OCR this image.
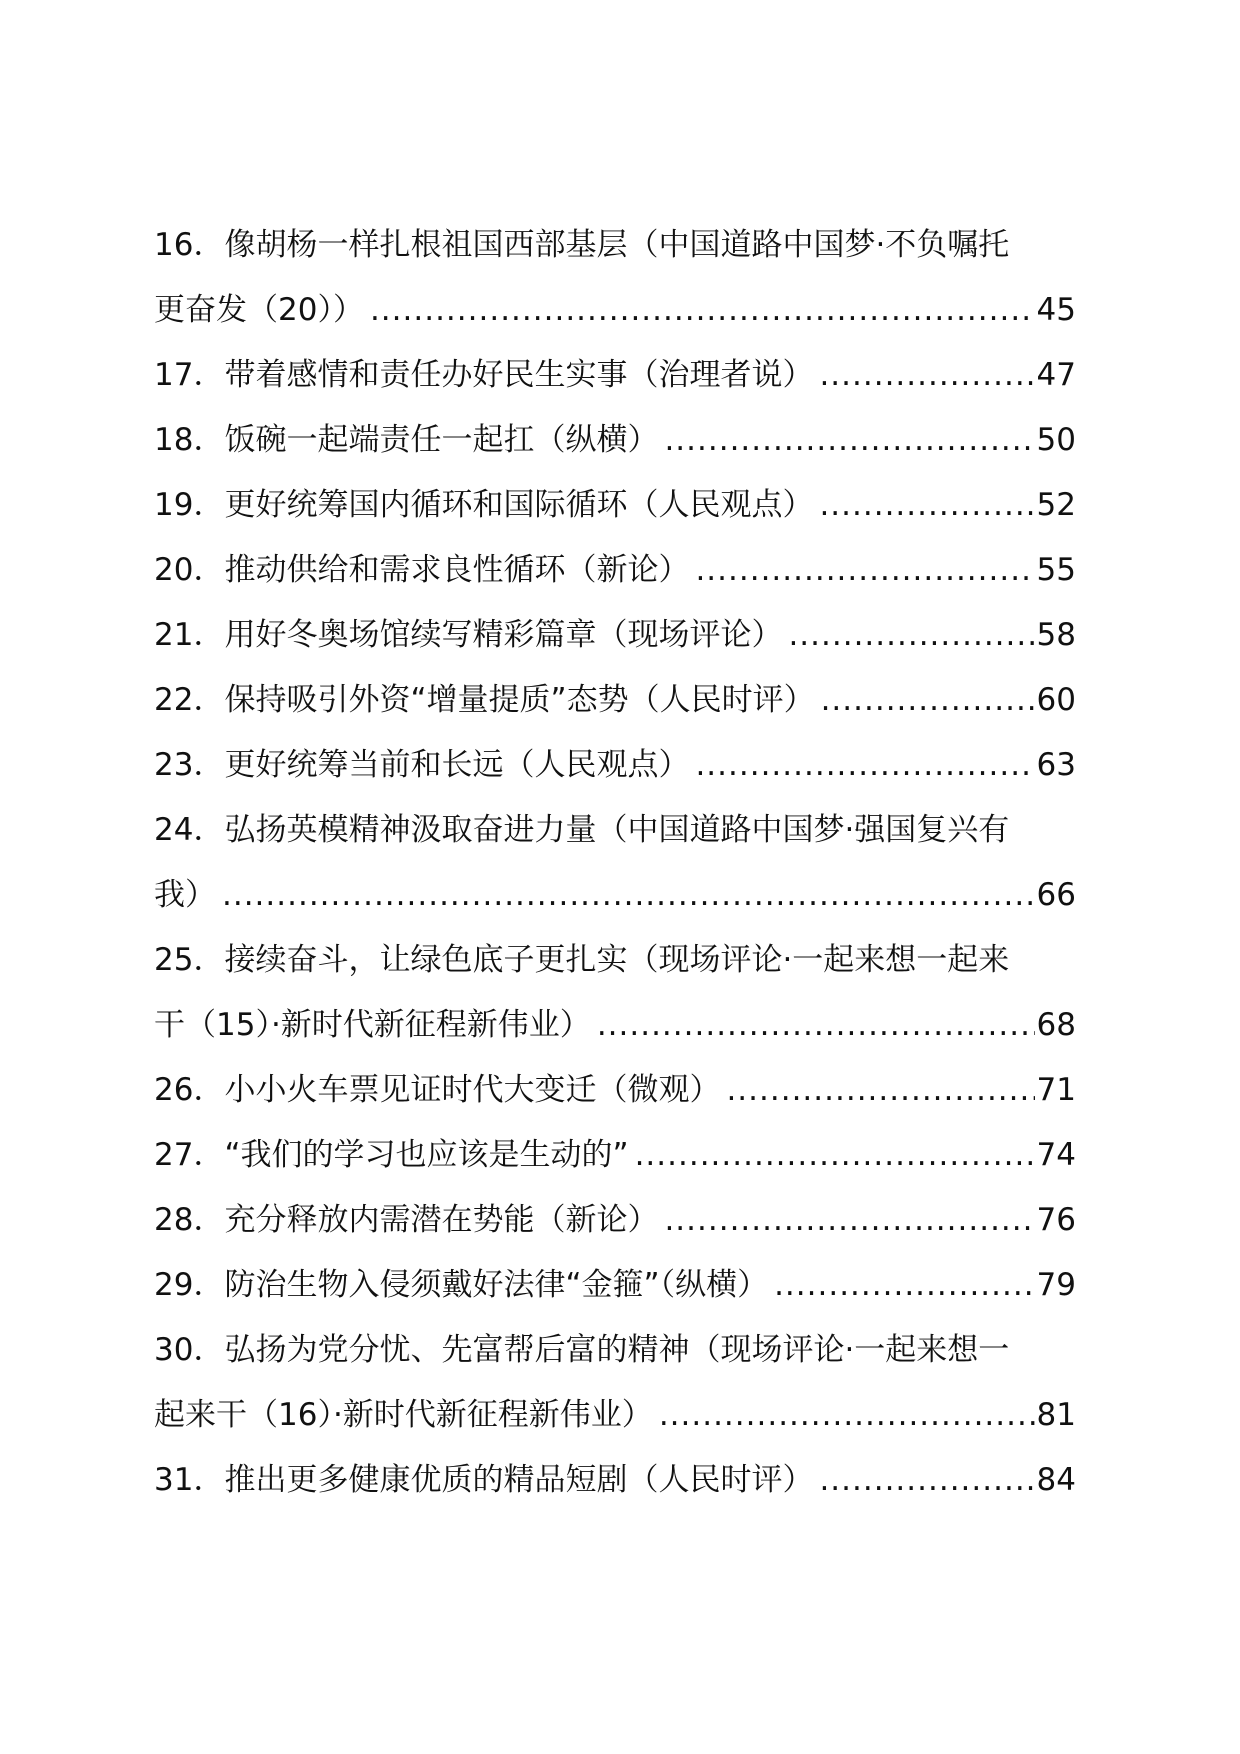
16 ． 像胡杨一样扎根祖国西部基层（中国道路中国梦·不负嘱托
更奋发（20）） .....	45
17 ． 带着感情和责任办好民生实事（治理者说） .....	47
18 ． 饭碗一起端责任一起扛（纵横） .....	50
19 ． 更好统筹国内循环和国际循环（人民观点） .....	52
20 ． 推动供给和需求良性循环（新论） .....	55
21 ． 用好冬奥场馆续写精彩篇章（现场评论） .....	58
22 ． 保持吸引外资“增量提质”态势（人民时评） .....	60
23 ． 更好统筹当前和长远（人民观点） .....	63
24 ． 弘扬英模精神汲取奋进力量（中国道路中国梦·强国复兴有
我） .....	66
25 ． 接续奋斗，让绿色底子更扎实（现场评论·一起来想一起来
干（15）·新时代新征程新伟业） .....	68
26 ． 小小火车票见证时代大变迁（微观） .....	71
27 ． “我们的学习也应该是生动的” .....	74
28 ． 充分释放内需潜在势能（新论） .....	76
29 ． 防治生物入侵须戴好法律“金箍”（纵横） .....	79
30 ． 弘扬为党分忧、先富帮后富的精神（现场评论·一起来想一
起来干（16）·新时代新征程新伟业） .....	81
31 ． 推出更多健康优质的精品短剧（人民时评） .....	84
